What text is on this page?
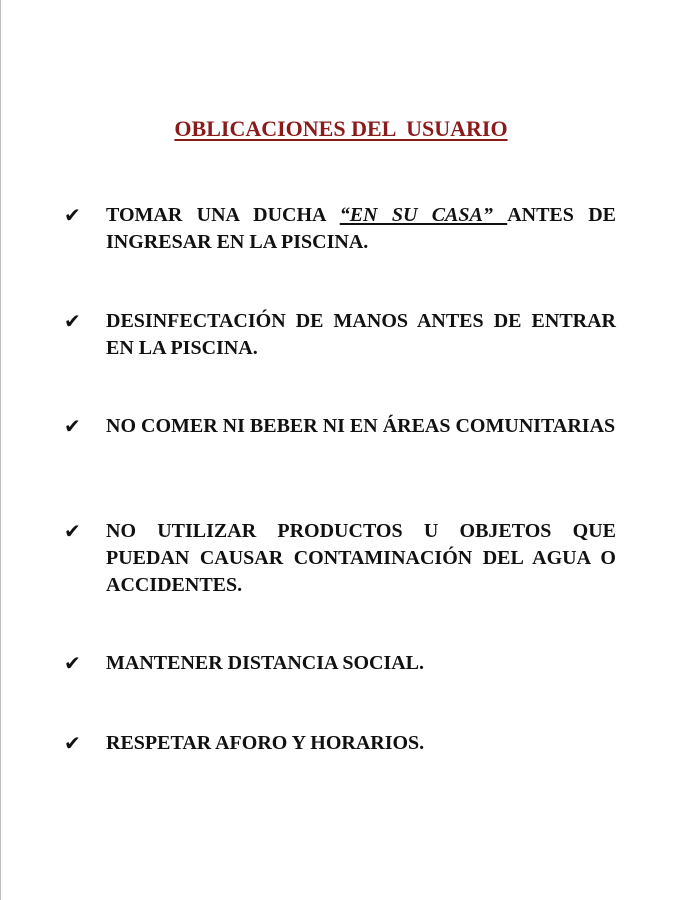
OBLICACIONES DEL  USUARIO
✔	TOMAR UNA DUCHA “EN SU CASA” ANTES DE INGRESAR EN LA PISCINA.
✔	DESINFECTACIÓN DE MANOS ANTES DE ENTRAR EN LA PISCINA.
✔	NO COMER NI BEBER NI EN ÁREAS COMUNITARIAS
✔	NO UTILIZAR PRODUCTOS U OBJETOS QUE PUEDAN CAUSAR CONTAMINACIÓN DEL AGUA O ACCIDENTES.
✔	MANTENER DISTANCIA SOCIAL.
✔	RESPETAR AFORO Y HORARIOS.
